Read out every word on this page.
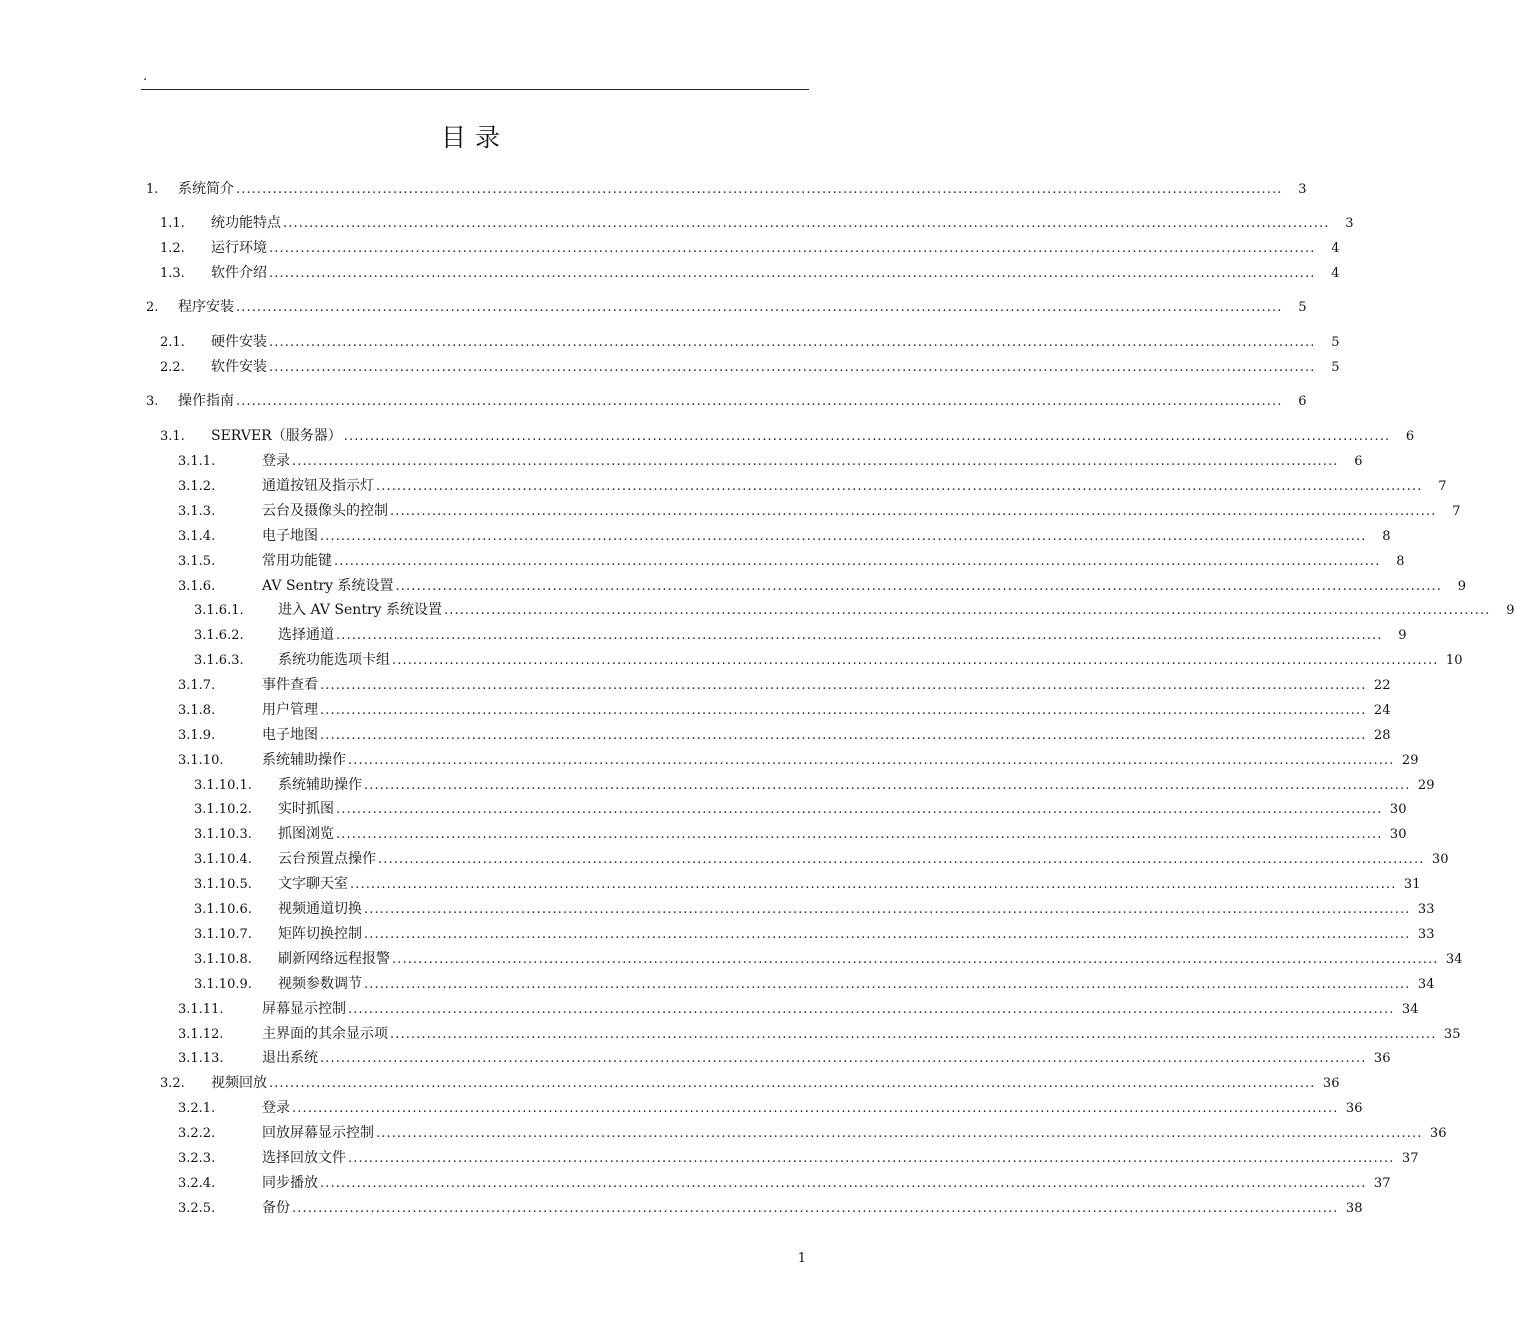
.
目录
1.	系统简介 ........................................................................................................................................................................................................	3
1.1.	统功能特点 ........................................................................................................................................................................................................	3
1.2.	运行环境 ........................................................................................................................................................................................................	4
1.3.	软件介绍 ........................................................................................................................................................................................................	4
2.	程序安装 ........................................................................................................................................................................................................	5
2.1.	硬件安装 ........................................................................................................................................................................................................	5
2.2.	软件安装 ........................................................................................................................................................................................................	5
3.	操作指南 ........................................................................................................................................................................................................	6
3.1.	SERVER（服务器） ........................................................................................................................................................................................................	6
3.1.1.	登录 ........................................................................................................................................................................................................	6
3.1.2.	通道按钮及指示灯 ........................................................................................................................................................................................................	7
3.1.3.	云台及摄像头的控制 ........................................................................................................................................................................................................	7
3.1.4.	电子地图 ........................................................................................................................................................................................................	8
3.1.5.	常用功能键 ........................................................................................................................................................................................................	8
3.1.6.	AV Sentry 系统设置 ........................................................................................................................................................................................................	9
3.1.6.1.	进入 AV Sentry 系统设置 ........................................................................................................................................................................................................	9
3.1.6.2.	选择通道 ........................................................................................................................................................................................................	9
3.1.6.3.	系统功能选项卡组 ........................................................................................................................................................................................................ 10
3.1.7.	事件查看 ........................................................................................................................................................................................................ 22
3.1.8.	用户管理 ........................................................................................................................................................................................................ 24
3.1.9.	电子地图 ........................................................................................................................................................................................................ 28
3.1.10.	系统辅助操作 ........................................................................................................................................................................................................ 29
3.1.10.1.	系统辅助操作 ........................................................................................................................................................................................................ 29
3.1.10.2.	实时抓图 ........................................................................................................................................................................................................ 30
3.1.10.3.	抓图浏览 ........................................................................................................................................................................................................ 30
3.1.10.4.	云台预置点操作 ........................................................................................................................................................................................................ 30
3.1.10.5.	文字聊天室 ........................................................................................................................................................................................................ 31
3.1.10.6.	视频通道切换 ........................................................................................................................................................................................................ 33
3.1.10.7.	矩阵切换控制 ........................................................................................................................................................................................................ 33
3.1.10.8.	刷新网络远程报警 ........................................................................................................................................................................................................ 34
3.1.10.9.	视频参数调节 ........................................................................................................................................................................................................ 34
3.1.11.	屏幕显示控制 ........................................................................................................................................................................................................ 34
3.1.12.	主界面的其余显示项 ........................................................................................................................................................................................................ 35
3.1.13.	退出系统 ........................................................................................................................................................................................................ 36
3.2.	视频回放 ........................................................................................................................................................................................................ 36
3.2.1.	登录 ........................................................................................................................................................................................................ 36
3.2.2.	回放屏幕显示控制 ........................................................................................................................................................................................................ 36
3.2.3.	选择回放文件 ........................................................................................................................................................................................................ 37
3.2.4.	同步播放 ........................................................................................................................................................................................................ 37
3.2.5.	备份 ........................................................................................................................................................................................................ 38
1
